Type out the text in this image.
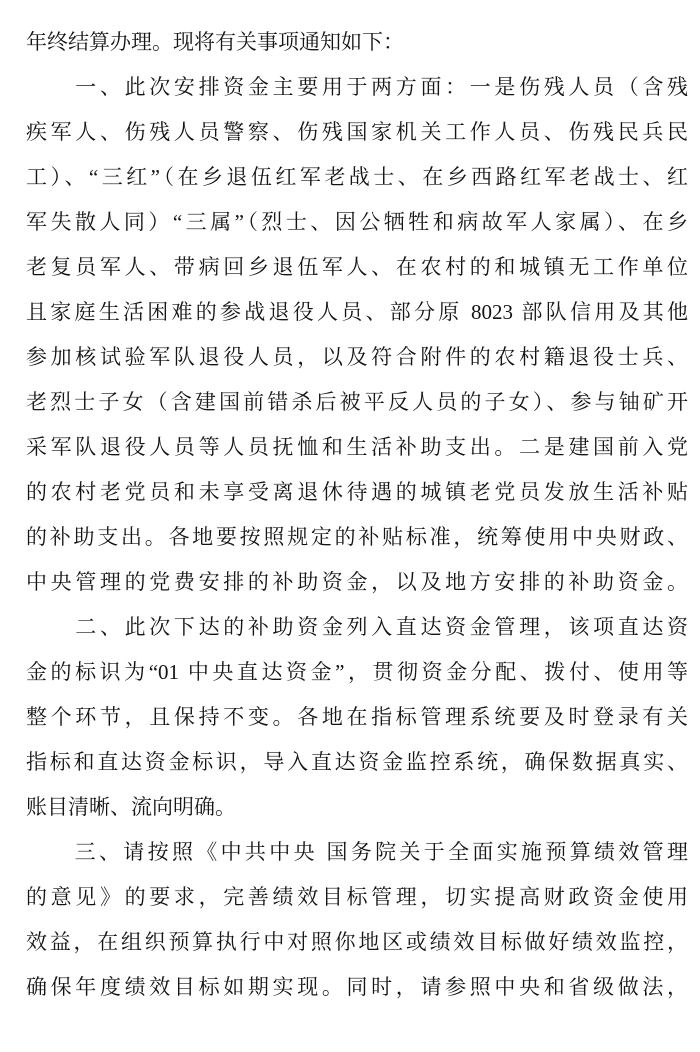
年终结算办理。现将有关事项通知如下：
　　一、此次安排资金主要用于两方面：一是伤残人员（含残
疾军人、伤残人员警察、伤残国家机关工作人员、伤残民兵民
工）、“三红”（在乡退伍红军老战士、在乡西路红军老战士、红
军失散人同）“三属”（烈士、因公牺牲和病故军人家属）、在乡
老复员军人、带病回乡退伍军人、在农村的和城镇无工作单位
且家庭生活困难的参战退役人员、部分原 8023 部队信用及其他
参加核试验军队退役人员，以及符合附件的农村籍退役士兵、
老烈士子女（含建国前错杀后被平反人员的子女）、参与铀矿开
采军队退役人员等人员抚恤和生活补助支出。二是建国前入党
的农村老党员和未享受离退休待遇的城镇老党员发放生活补贴
的补助支出。各地要按照规定的补贴标准，统筹使用中央财政、
中央管理的党费安排的补助资金，以及地方安排的补助资金。
　　二、此次下达的补助资金列入直达资金管理，该项直达资
金的标识为“01 中央直达资金”，贯彻资金分配、拨付、使用等
整个环节，且保持不变。各地在指标管理系统要及时登录有关
指标和直达资金标识，导入直达资金监控系统，确保数据真实、
账目清晰、流向明确。
　　三、请按照《中共中央 国务院关于全面实施预算绩效管理
的意见》的要求，完善绩效目标管理，切实提高财政资金使用
效益，在组织预算执行中对照你地区或绩效目标做好绩效监控，
确保年度绩效目标如期实现。同时，请参照中央和省级做法，
